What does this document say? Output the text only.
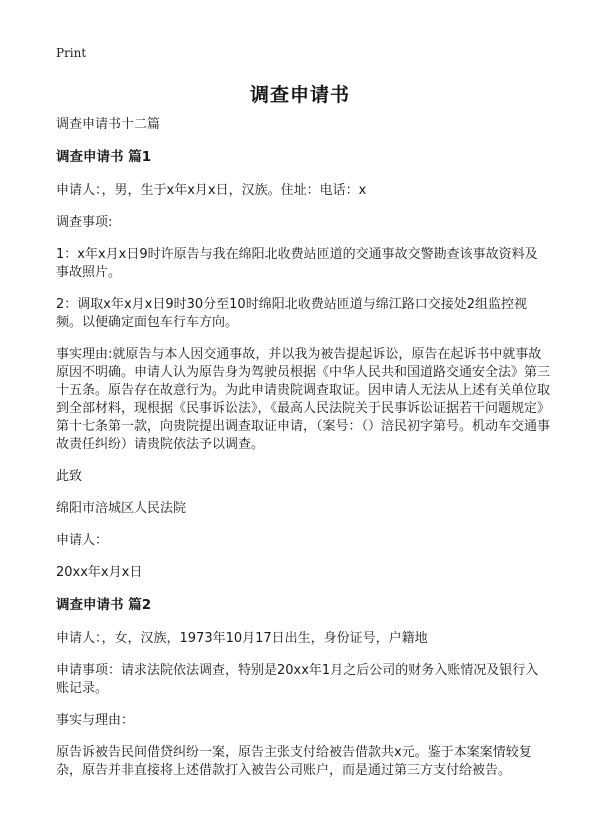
Print
调查申请书

调查申请书十二篇

调查申请书 篇1

申请人：，男，生于x年x月x日，汉族。住址：电话：x

调查事项:

1：x年x月x日9时许原告与我在绵阳北收费站匝道的交通事故交警勘查该事故资料及事故照片。

2：调取x年x月x日9时30分至10时绵阳北收费站匝道与绵江路口交接处2组监控视频。以便确定面包车行车方向。

事实理由:就原告与本人因交通事故，并以我为被告提起诉讼，原告在起诉书中就事故原因不明确。申请人认为原告身为驾驶员根据《中华人民共和国道路交通安全法》第三十五条。原告存在故意行为。为此申请贵院调查取证。因申请人无法从上述有关单位取到全部材料，现根据《民事诉讼法》，《最高人民法院关于民事诉讼证据若干问题规定》第十七条第一款，向贵院提出调查取证申请，（案号：（）涪民初字第号。机动车交通事故责任纠纷）请贵院依法予以调查。

此致

绵阳市涪城区人民法院

申请人：

20xx年x月x日

调查申请书 篇2

申请人：，女，汉族，1973年10月17日出生，身份证号，户籍地

申请事项：请求法院依法调查，特别是20xx年1月之后公司的财务入账情况及银行入账记录。

事实与理由：

原告诉被告民间借贷纠纷一案，原告主张支付给被告借款共x元。鉴于本案案情较复杂，原告并非直接将上述借款打入被告公司账户，而是通过第三方支付给被告。
